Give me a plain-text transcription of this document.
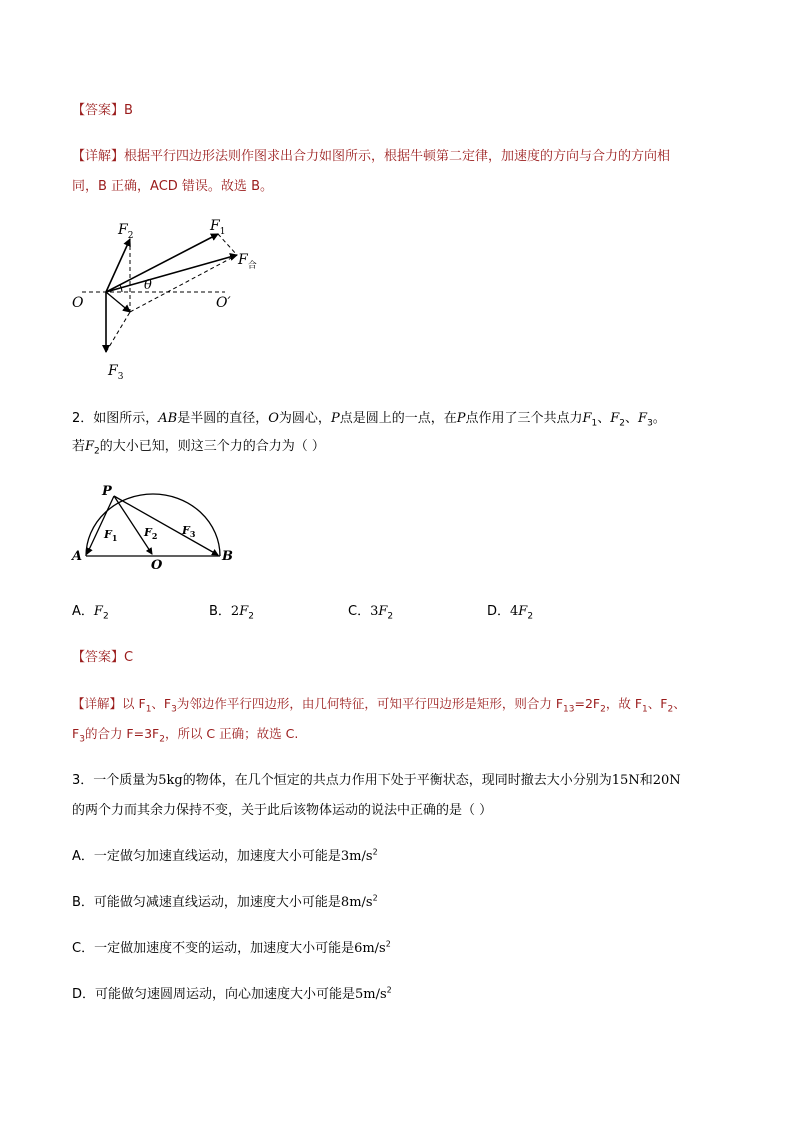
【答案】B
【详解】根据平行四边形法则作图求出合力如图所示，根据牛顿第二定律，加速度的方向与合力的方向相
同，B 正确，ACD 错误。故选 B。
O	O′
θ
$F_2$
$F_1$
$F_合$
$F_3$
2．如图所示，AB是半圆的直径，O为圆心，P点是圆上的一点，在P点作用了三个共点力$F_1$、$F_2$、$F_3$。
若$F_2$的大小已知，则这三个力的合力为（ ）
P
A	B
O
$F_1$ $F_2$ $F_3$
A．$F_2$	B．$2F_2$	C．$3F_2$	D．$4F_2$
【答案】C
【详解】以 $F_1$、$F_3$为邻边作平行四边形，由几何特征，可知平行四边形是矩形，则合力 $F_{13}=2F_2$，故 $F_1$、$F_2$、
$F_3$的合力 $F=3F_2$，所以 C 正确；故选 C.
3．一个质量为5kg的物体，在几个恒定的共点力作用下处于平衡状态，现同时撤去大小分别为15N和20N
的两个力而其余力保持不变，关于此后该物体运动的说法中正确的是（ ）
A．一定做匀加速直线运动，加速度大小可能是$3m/s^2$
B．可能做匀减速直线运动，加速度大小可能是$8m/s^2$
C．一定做加速度不变的运动，加速度大小可能是$6m/s^2$
D．可能做匀速圆周运动，向心加速度大小可能是$5m/s^2$
